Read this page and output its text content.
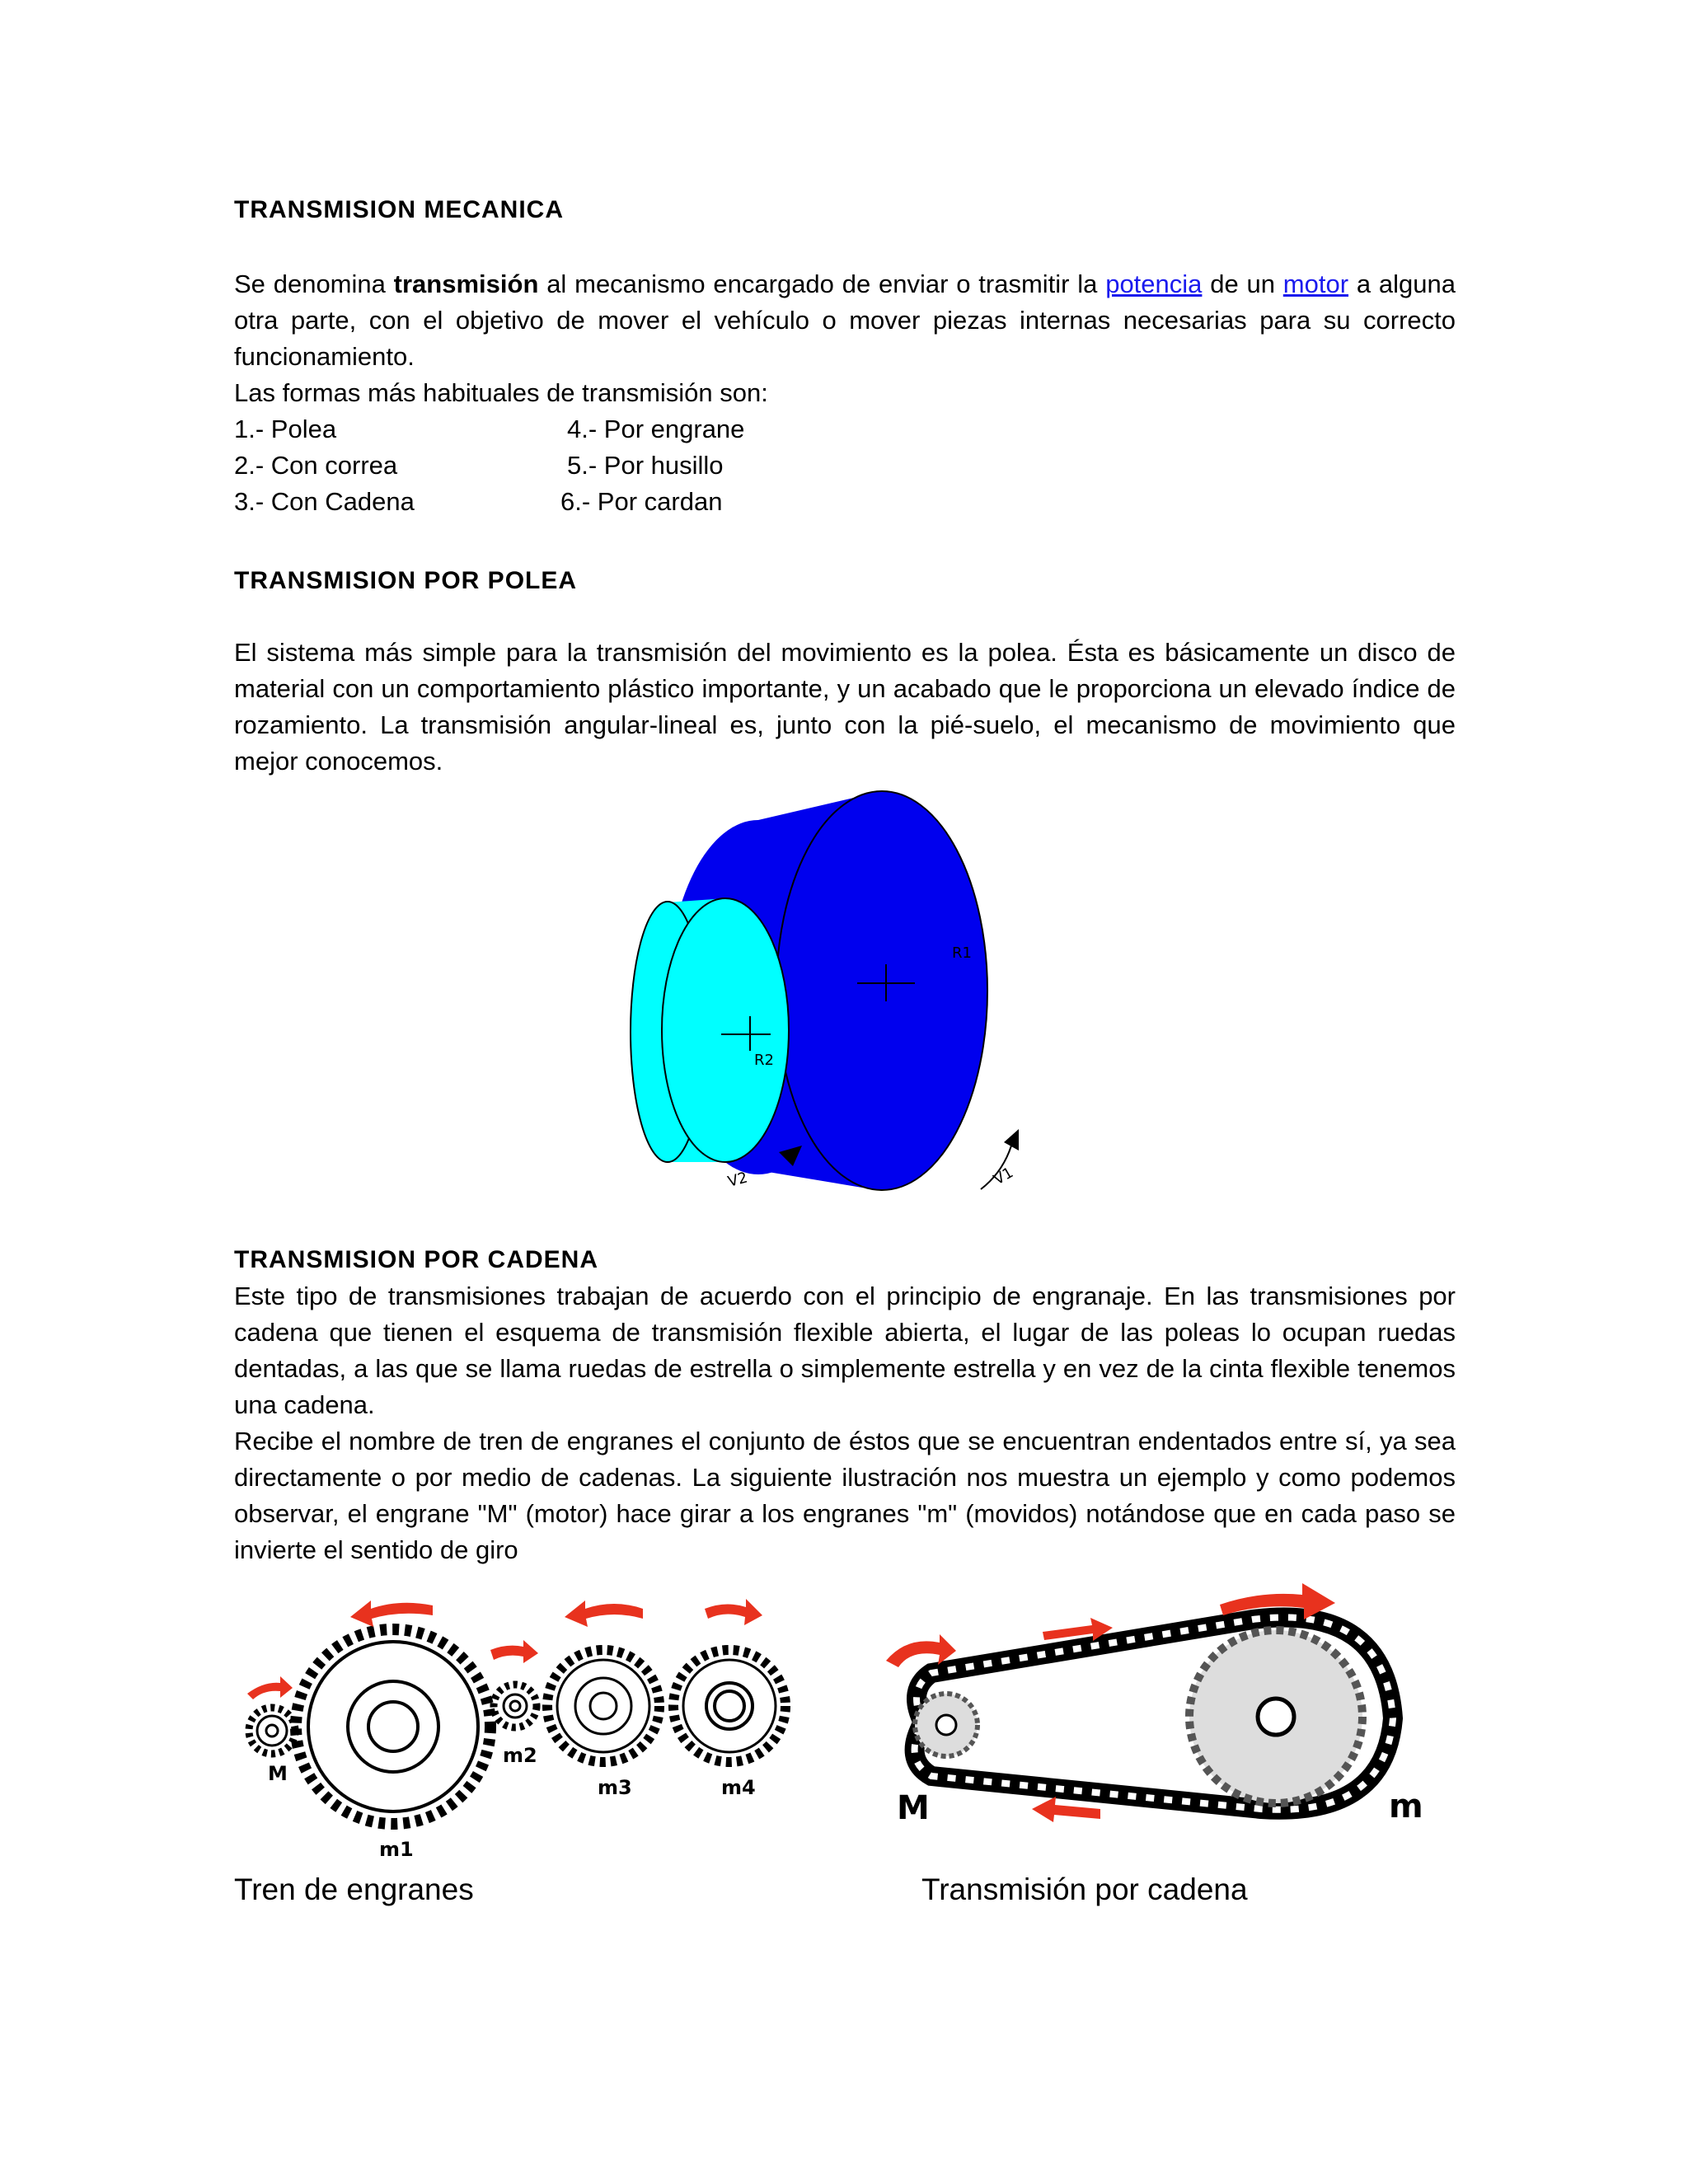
TRANSMISION MECANICA
Se denomina transmisión al mecanismo encargado de enviar o trasmitir la potencia de un motor a alguna otra parte, con el objetivo de mover el vehículo o mover piezas internas necesarias para su correcto funcionamiento.
Las formas más habituales de transmisión son:
1.- Polea	4.- Por engrane
2.- Con correa	5.- Por husillo
3.- Con Cadena	6.- Por cardan
TRANSMISION POR POLEA
El sistema más simple para la transmisión del movimiento es la polea. Ésta es básicamente un disco de material con un comportamiento plástico importante, y un acabado que le proporciona un elevado índice de rozamiento. La transmisión angular-lineal es, junto con la pié-suelo, el mecanismo de movimiento que mejor conocemos.
R1
R2
V1
V2
TRANSMISION POR CADENA
Este tipo de transmisiones trabajan de acuerdo con el principio de engranaje. En las transmisiones por cadena que tienen el esquema de transmisión flexible abierta, el lugar de las poleas lo ocupan ruedas dentadas, a las que se llama ruedas de estrella o simplemente estrella y en vez de la cinta flexible tenemos una cadena.
Recibe el nombre de tren de engranes el conjunto de éstos que se encuentran endentados entre sí, ya sea directamente o por medio de cadenas. La siguiente ilustración nos muestra un ejemplo y como podemos observar, el engrane "M" (motor) hace girar a los engranes "m" (movidos) notándose que en cada paso se invierte el sentido de giro
M
m1
m2
m3	m4
M	m
Tren de engranes	Transmisión por cadena
